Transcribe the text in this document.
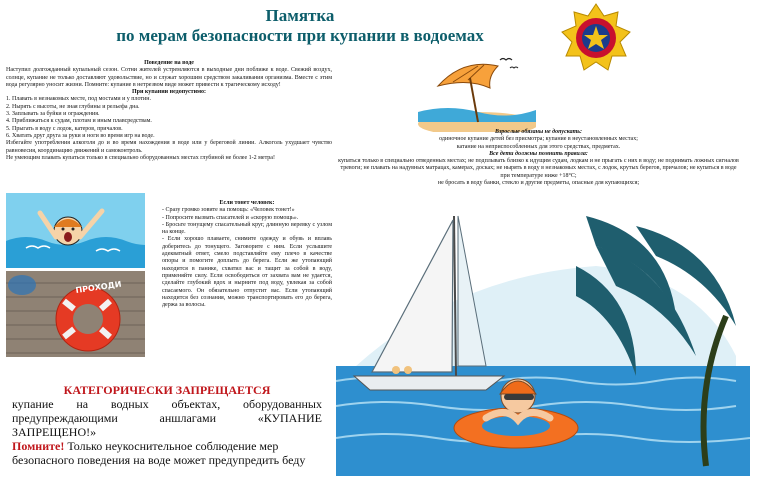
Памятка
по мерам безопасности при купании в водоемах
Поведение на воде

Наступил долгожданный купальный сезон. Сотни жителей устремляются в выходные дни поближе к воде. Свежий воздух, солнце, купание не только доставляют удовольствие, но и служат хорошим средством закаливания организма. Вместе с этим вода регулярно уносит жизни. Помните: купание в нетрезвом виде может привести к трагическому исходу!

При купании недопустимо:
1. Плавать в незнакомых месте, под мостами и у плотин.
2. Нырять с высоты, не зная глубины и рельефа дна.
3. Заплывать за буйки и ограждения.
4. Приближаться к судам, плотам и иным плавсредствам.
5. Прыгать в воду с лодок, катеров, причалов.
6. Хватать друг друга за руки и ноги во время игр на воде.

Избегайте употребления алкоголя до и во время нахождения в воде или у береговой линии. Алкоголь ухудшает чувство равновесия, координацию движений и самоконтроль.

Не умеющим плавать купаться только в специально оборудованных местах глубиной не более 1-2 метра!

ПРОХОДИ
Если тонет человек:

- Сразу громко зовите на помощь: «Человек тонет!»

- Попросите вызвать спасателей и «скорую помощь».

- Бросьте тонущему спасательный круг, длинную веревку с узлом на конце.

- Если хорошо плаваете, снимите одежду и обувь и вплавь доберитесь до тонущего. Заговорите с ним. Если услышите адекватный ответ, смело подставляйте ему плечо в качестве опоры и помогите доплыть до берега. Если же утопающий находится в панике, схватил вас и тащит за собой в воду, применяйте силу. Если освободиться от захвата вам не удается, сделайте глубокий вдох и нырните под воду, увлекая за собой спасаемого. Он обязательно отпустит вас. Если утопающий находится без сознания, можно транспортировать его до берега, держа за волосы.

Взрослые обязаны не допускать:
одиночное купание детей без присмотра; купание в неустановленных местах;
катание на неприспособленных для этого средствах, предметах.
Все дети должны помнить правила:
купаться только в специально отведенных местах; не подплывать близко к идущим судам, лодкам и не прыгать с них в воду; не поднимать ложных сигналов тревоги; не плавать на надувных матрацах, камерах, досках; не нырять в воду в незнакомых местах, с лодок, крутых берегов, причалов; не купаться в воде при температуре ниже +18°С;
не бросать в воду банки, стекло и другие предметы, опасные для купающихся;
КАТЕГОРИЧЕСКИ ЗАПРЕЩАЕТСЯ
купание на водных объектах, оборудованных предупреждающими аншлагами «КУПАНИЕ
ЗАПРЕЩЕНО!»
Помните! Только неукоснительное соблюдение мер безопасного поведения на воде может предупредить беду
